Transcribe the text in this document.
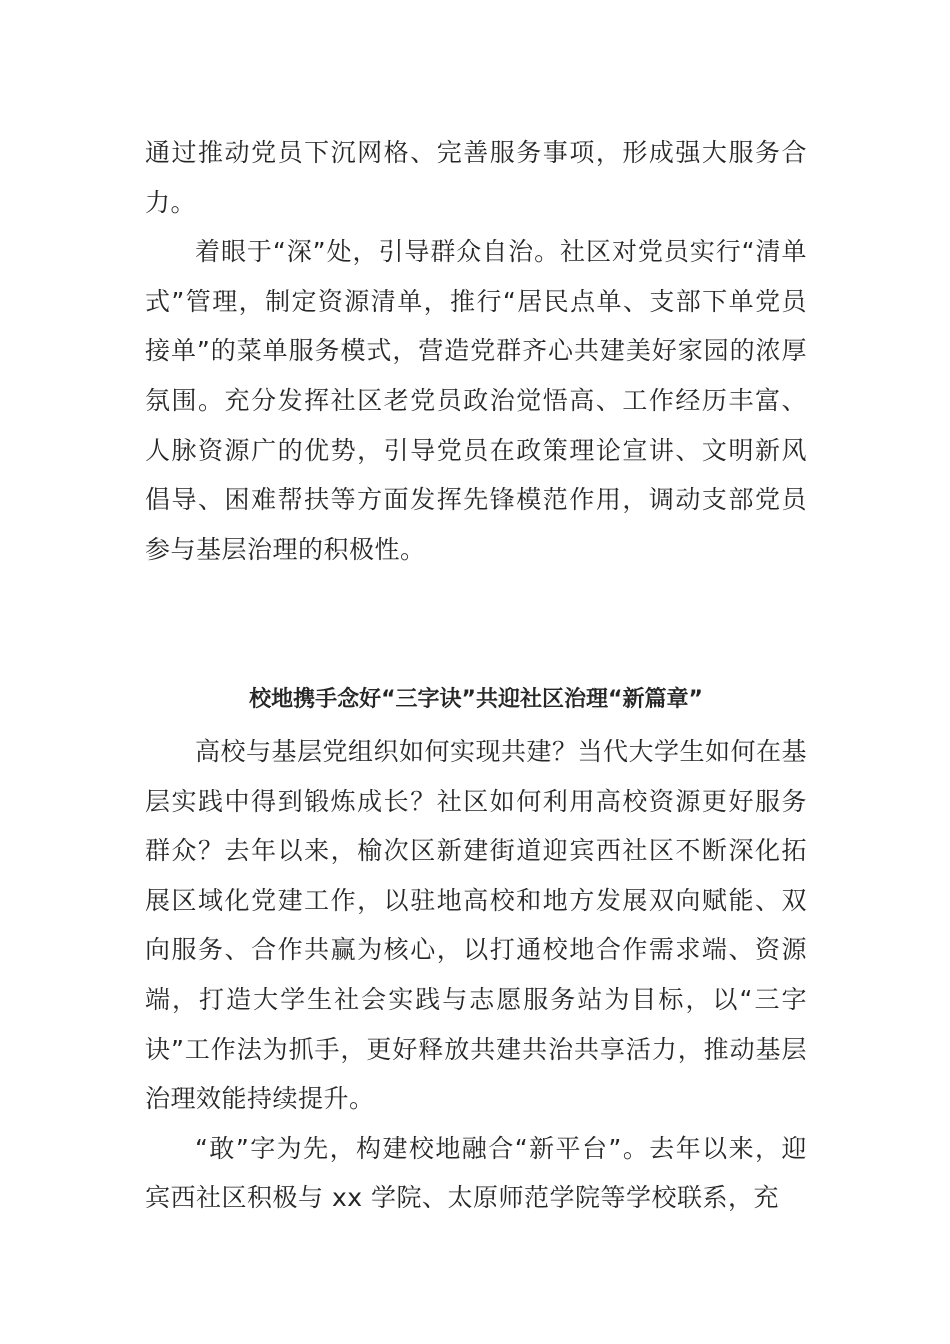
通过推动党员下沉网格、完善服务事项，形成强大服务合力。

着眼于“深”处，引导群众自治。社区对党员实行“清单式”管理，制定资源清单，推行“居民点单、支部下单党员接单”的菜单服务模式，营造党群齐心共建美好家园的浓厚氛围。充分发挥社区老党员政治觉悟高、工作经历丰富、人脉资源广的优势，引导党员在政策理论宣讲、文明新风倡导、困难帮扶等方面发挥先锋模范作用，调动支部党员参与基层治理的积极性。

校地携手念好“三字诀”共迎社区治理“新篇章”

高校与基层党组织如何实现共建？当代大学生如何在基层实践中得到锻炼成长？社区如何利用高校资源更好服务群众？去年以来，榆次区新建街道迎宾西社区不断深化拓展区域化党建工作，以驻地高校和地方发展双向赋能、双向服务、合作共赢为核心，以打通校地合作需求端、资源端，打造大学生社会实践与志愿服务站为目标，以“三字诀”工作法为抓手，更好释放共建共治共享活力，推动基层治理效能持续提升。

“敢”字为先，构建校地融合“新平台”。去年以来，迎宾西社区积极与 xx 学院、太原师范学院等学校联系，充
